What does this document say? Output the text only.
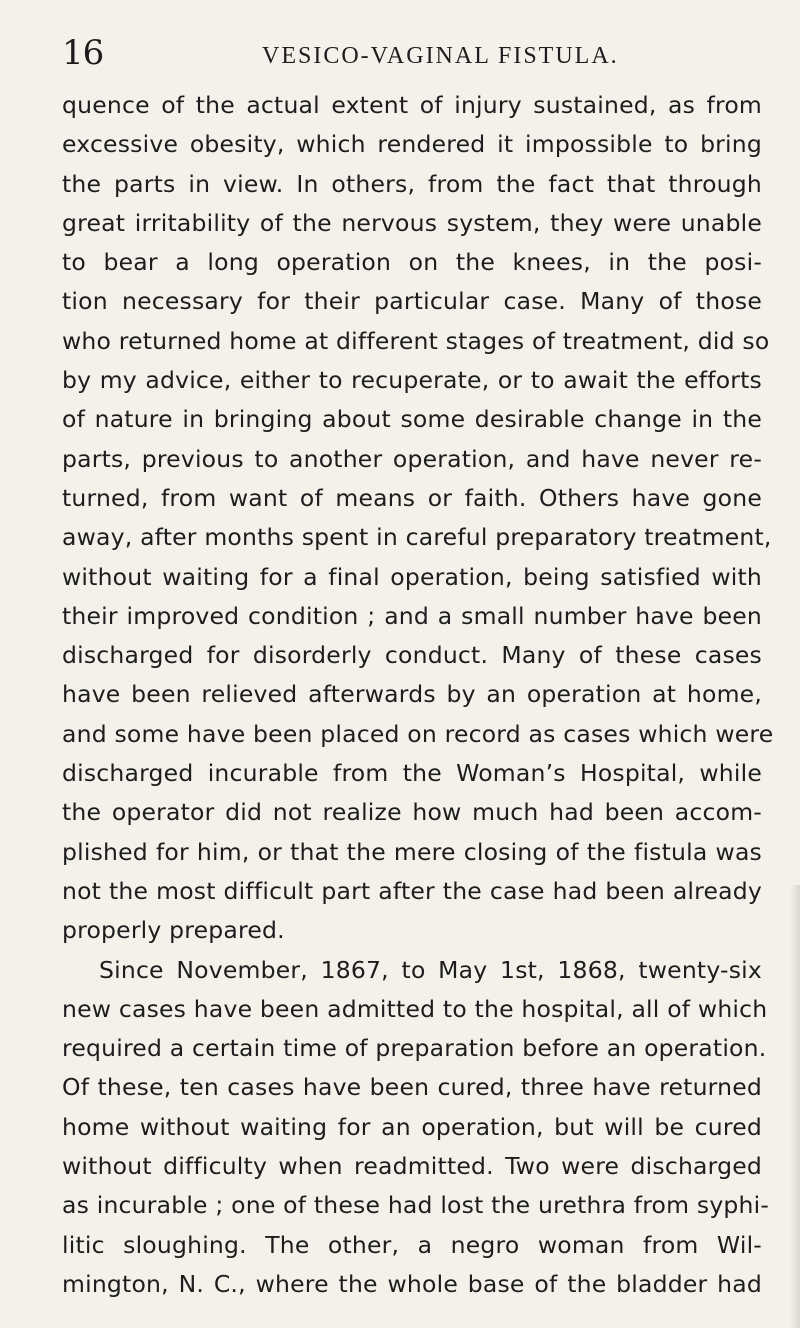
16	VESICO-VAGINAL FISTULA.
quence of the actual extent of injury sustained, as from
excessive obesity, which rendered it impossible to bring
the parts in view. In others, from the fact that through
great irritability of the nervous system, they were unable
to bear a long operation on the knees, in the posi-
tion necessary for their particular case. Many of those
who returned home at different stages of treatment, did so
by my advice, either to recuperate, or to await the efforts
of nature in bringing about some desirable change in the
parts, previous to another operation, and have never re-
turned, from want of means or faith. Others have gone
away, after months spent in careful preparatory treatment,
without waiting for a final operation, being satisfied with
their improved condition ; and a small number have been
discharged for disorderly conduct. Many of these cases
have been relieved afterwards by an operation at home,
and some have been placed on record as cases which were
discharged incurable from the Woman’s Hospital, while
the operator did not realize how much had been accom-
plished for him, or that the mere closing of the fistula was
not the most difficult part after the case had been already
properly prepared.
Since November, 1867, to May 1st, 1868, twenty-six
new cases have been admitted to the hospital, all of which
required a certain time of preparation before an operation.
Of these, ten cases have been cured, three have returned
home without waiting for an operation, but will be cured
without difficulty when readmitted. Two were discharged
as incurable ; one of these had lost the urethra from syphi-
litic sloughing. The other, a negro woman from Wil-
mington, N. C., where the whole base of the bladder had
